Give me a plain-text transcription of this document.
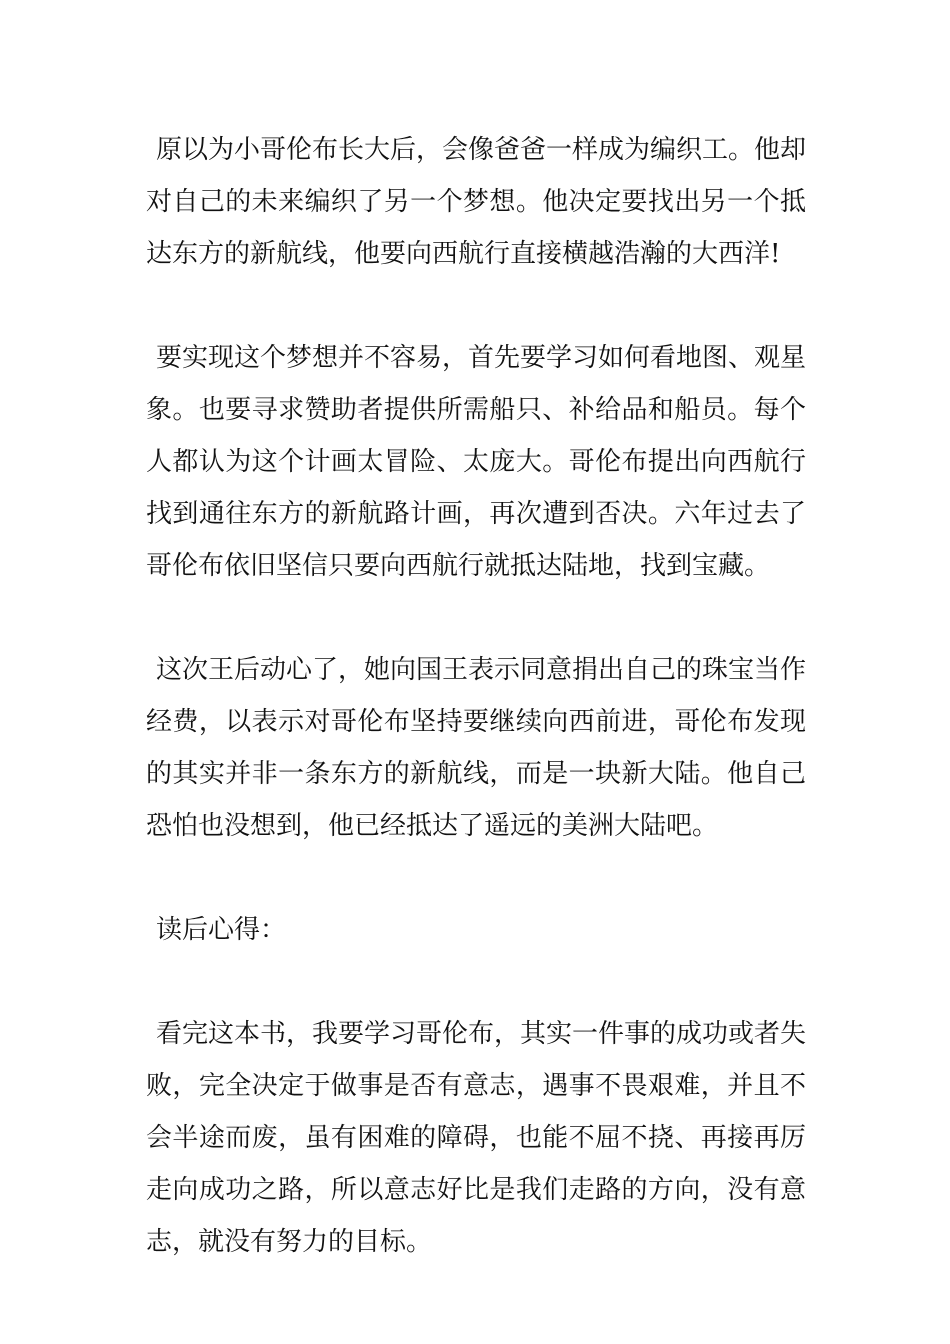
原以为小哥伦布长大后，会像爸爸一样成为编织工。他却对自己的未来编织了另一个梦想。他决定要找出另一个抵达东方的新航线，他要向西航行直接横越浩瀚的大西洋!

要实现这个梦想并不容易，首先要学习如何看地图、观星象。也要寻求赞助者提供所需船只、补给品和船员。每个人都认为这个计画太冒险、太庞大。哥伦布提出向西航行找到通往东方的新航路计画，再次遭到否决。六年过去了哥伦布依旧坚信只要向西航行就抵达陆地，找到宝藏。

这次王后动心了，她向国王表示同意捐出自己的珠宝当作经费，以表示对哥伦布坚持要继续向西前进，哥伦布发现的其实并非一条东方的新航线，而是一块新大陆。他自己恐怕也没想到，他已经抵达了遥远的美洲大陆吧。

读后心得：

看完这本书，我要学习哥伦布，其实一件事的成功或者失败，完全决定于做事是否有意志，遇事不畏艰难，并且不会半途而废，虽有困难的障碍，也能不屈不挠、再接再厉走向成功之路，所以意志好比是我们走路的方向，没有意志，就没有努力的目标。
